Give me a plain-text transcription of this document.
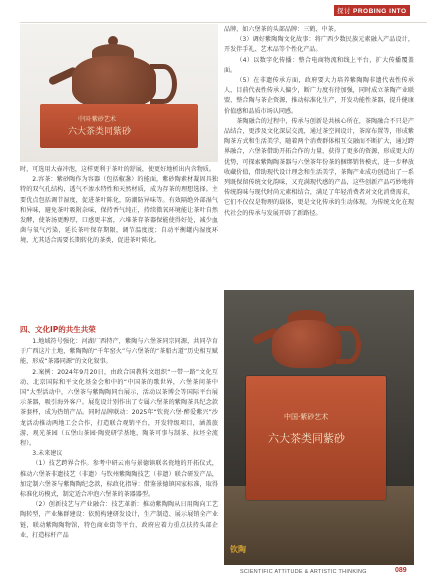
探讨 PROBING INTO
中国·紫砂艺术
六大茶类同紫砂

时，可选用大壶冲泡，这样更利于茶叶的舒展，使更好地析出内含物质。

2.容茶：紫砂陶作为容器（包括椒盏）的能面，紫砂陶素材凝固具独特的双气孔结构，透气不渗水特性和天然材质，成为存茶的理想选择。主要优点包括调节湿度，促进茶叶陈化，防潮防异味等。有效隔绝外部湿气和异味，避免茶叶吸附杂味，保持香气纯正，持续微氧环境能让茶叶自然发酵，使茶汤更醇厚，口感更丰富，六堆茶存茶器保能使得好处，减少血菌与氧气污染，延长茶叶保存期限，调节温度度；自动平衡罐内湿度环境，尤其适合需要长期转化的茶类，促进茶叶陈化。

四、文化IP的共生共荣

1.地域符号强化：河湖厂西特产，紫陶与六堡茶同宗同源，共同孕育于广西这片土地，紫陶陶的“千年窑火”与六堡茶的“茶船古道”历史相互赋能，形成“茶器同源”的文化叙事。

2.案例：2024年9月20日，由政合国教科文组织“一带一路”文化互动、北京国际和平文化基金会和中的“中国茶的歌世界，六堡茶问茶中国”大型活动中，六堡茶与紫陶陶同台展示，活动以茶博会等国际平台展示茶器，吸引海外客户。展览设计别作出了专属六堡茶的紫陶茶具纪念款茶套杯，成为热销产品。同时品牌联动：2025年“钦瓷六堡·醉爱紫兴”沙龙活动推动两地工会合作，打造联合观销平台，开发特级项目，涵盖旅游、观光茶园（五堡山茶园·陶瓷研学基地、陶茶可事与制茶、拉坯全流程）。

3.未来建议

（1）技艺跨界合作。参考中研云南与景德镇联名瓷地的开拓仪式，推动六堡茶非遗技艺（非遗）与钦州紫陶陶技艺（非遗）联合研发产品，加定制六堡茶与紫陶陶纪念款，标政化指导：借鉴景德镇国家标准，取得标准化坊模式，制定适合冲泡六堡茶的茶器器型。

（2）创新技艺与产业融合：技艺革新：推动紫陶陶从日用陶向工艺陶转型，产业集群建设：依照构建研发设计，生产制造、展示展销全产业链，联动紫陶陶物馆，特色商业街等平台，政府应着力重点扶持头部企业，打造标杆产品

品牌，如六堡茶的头部品牌：三鹤、中茶。

（3）调好紫陶陶文化故事：将广西少数民族元素融入产品设计，开发伴手礼、艺术品等个性化产品。

（4）以数字化传播：整合电商物流和线上平台，扩大传播覆盖面。

（5）在非遗传承方面，政府要大力培养紫陶陶非遗代表性传承人，目前代表性传承人偏少，断广力度有待加强，同时成立茶陶产业联盟，整合陶与茶企资源，推动标准化生产，开发功能性茶器，提升健康价值感和品质市场认同感。

茶陶融合的过程中，传承与创新是共核心所在，茶陶融合不只是产品结合，更涉及文化深层交流，通过茶空间设计，茶席布置等，形成紫陶茶方式和生活美学，随着两个消费群体相互交融而不断扩大，通过跨界融合，六堡茶借助开拓合作的力量，获得了更多的资源，形成更大的优势，可探索紫陶陶茶器与六堡茶年份茶的捆绑销售模式，进一步释放收藏价值，借助现代设计理念和生活美学，茶陶产业成功创造出了一系列既保留传统文化韵味，又充满现代感的产品，这些创新产品巧妙地将传统韵味与现代时尚元素相结合，满足了年轻消费者对文化消费需求，它们不仅仅是物理的载体，更是文化传承的生动体现，为传统文化在现代社会的传承与发展开辟了新路径。

中国·紫砂艺术
六大茶类同紫砂
钦陶
SCIENTIFIC ATTITUDE & ARTISTIC THINKING	089
